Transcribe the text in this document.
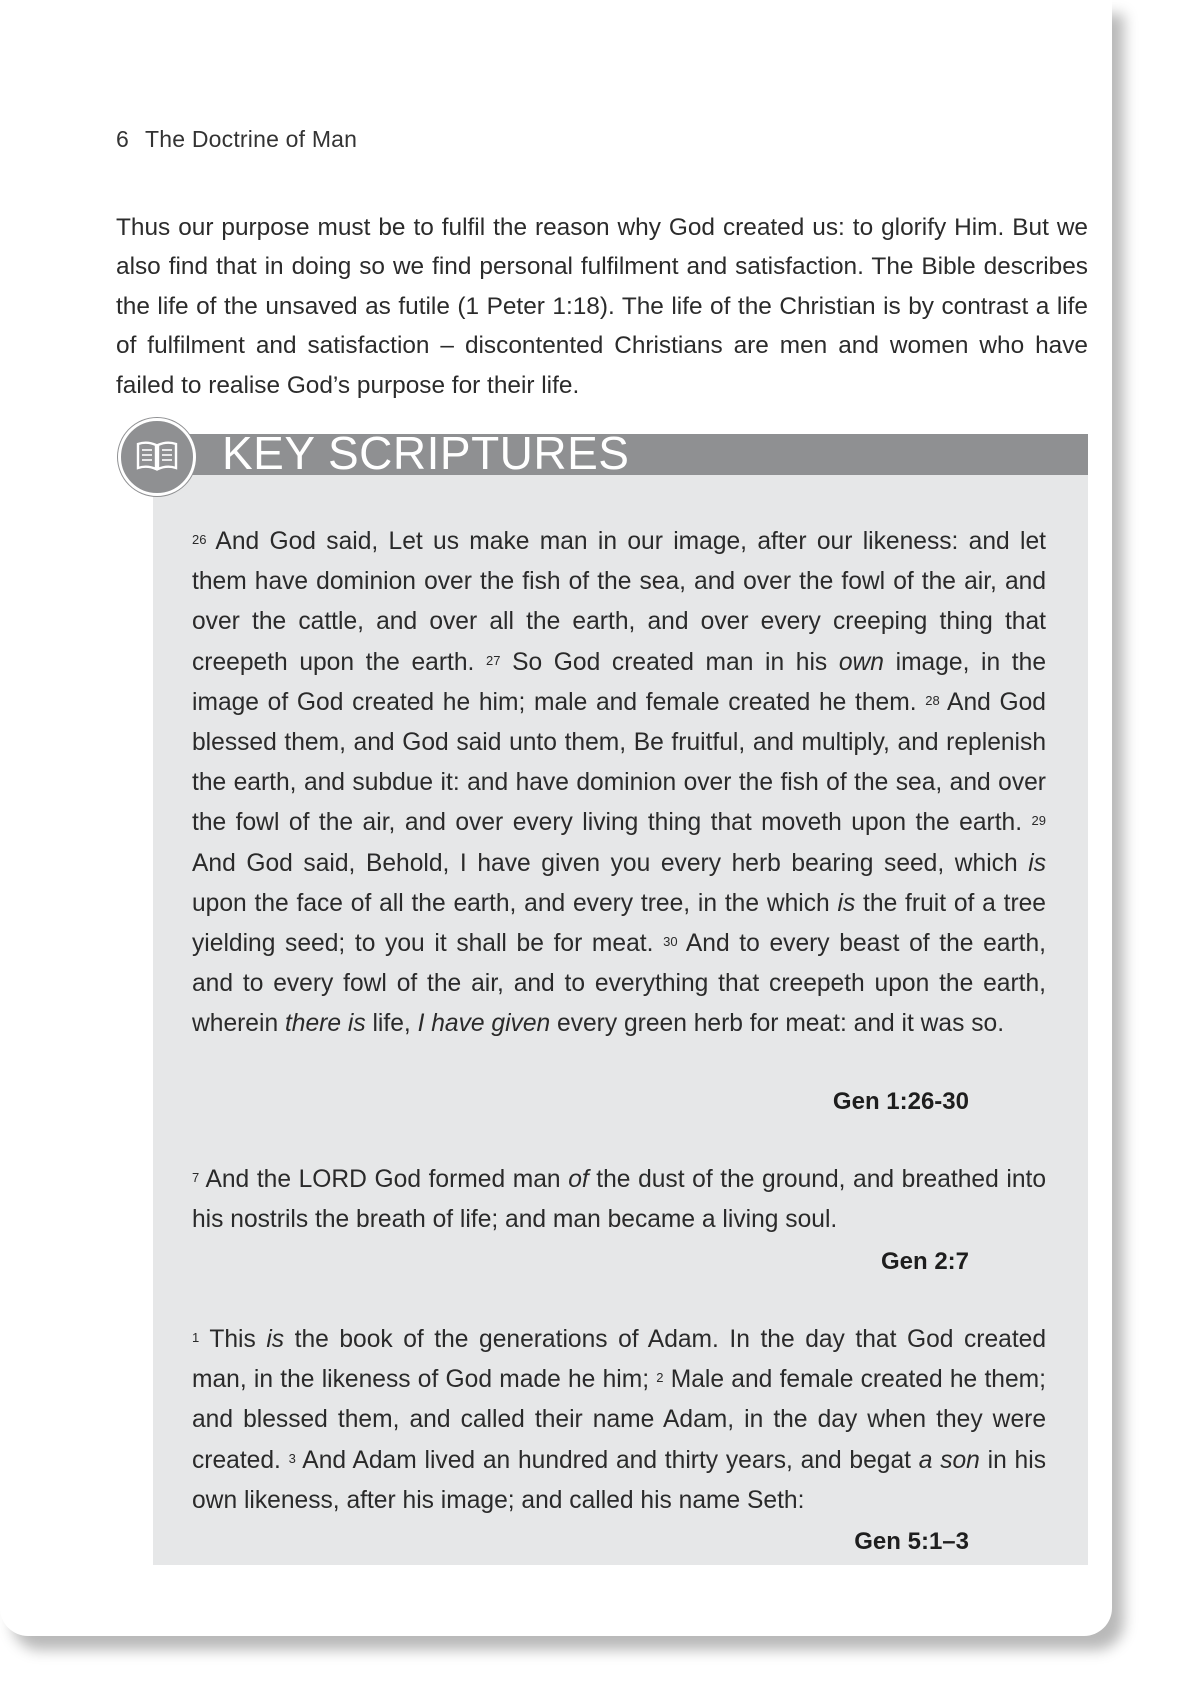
6 The Doctrine of Man

Thus our purpose must be to fulfil the reason why God created us: to glorify Him. But we also find that in doing so we find personal fulfilment and satisfaction. The Bible describes the life of the unsaved as futile (1 Peter 1:18). The life of the Christian is by contrast a life of fulfilment and satisfaction – discontented Christians are men and women who have failed to realise God’s purpose for their life.

KEY SCRIPTURES
$^{26}$ And God said, Let us make man in our image, after our likeness: and let them have dominion over the fish of the sea, and over the fowl of the air, and over the cattle, and over all the earth, and over every creeping thing that creepeth upon the earth. $^{27}$ So God created man in his own image, in the image of God created he him; male and female created he them. $^{28}$ And God blessed them, and God said unto them, Be fruitful, and multiply, and replenish the earth, and subdue it: and have dominion over the fish of the sea, and over the fowl of the air, and over every living thing that moveth upon the earth. $^{29}$ And God said, Behold, I have given you every herb bearing seed, which is upon the face of all the earth, and every tree, in the which is the fruit of a tree yielding seed; to you it shall be for meat. $^{30}$ And to every beast of the earth, and to every fowl of the air, and to everything that creepeth upon the earth, wherein there is life, I have given every green herb for meat: and it was so.
Gen 1:26-30
$^7$ And the LORD God formed man of the dust of the ground, and breathed into his nostrils the breath of life; and man became a living soul.
Gen 2:7
$^1$ This is the book of the generations of Adam. In the day that God created man, in the likeness of God made he him; $^2$ Male and female created he them; and blessed them, and called their name Adam, in the day when they were created. $^3$ And Adam lived an hundred and thirty years, and begat a son in his own likeness, after his image; and called his name Seth:
Gen 5:1–3
